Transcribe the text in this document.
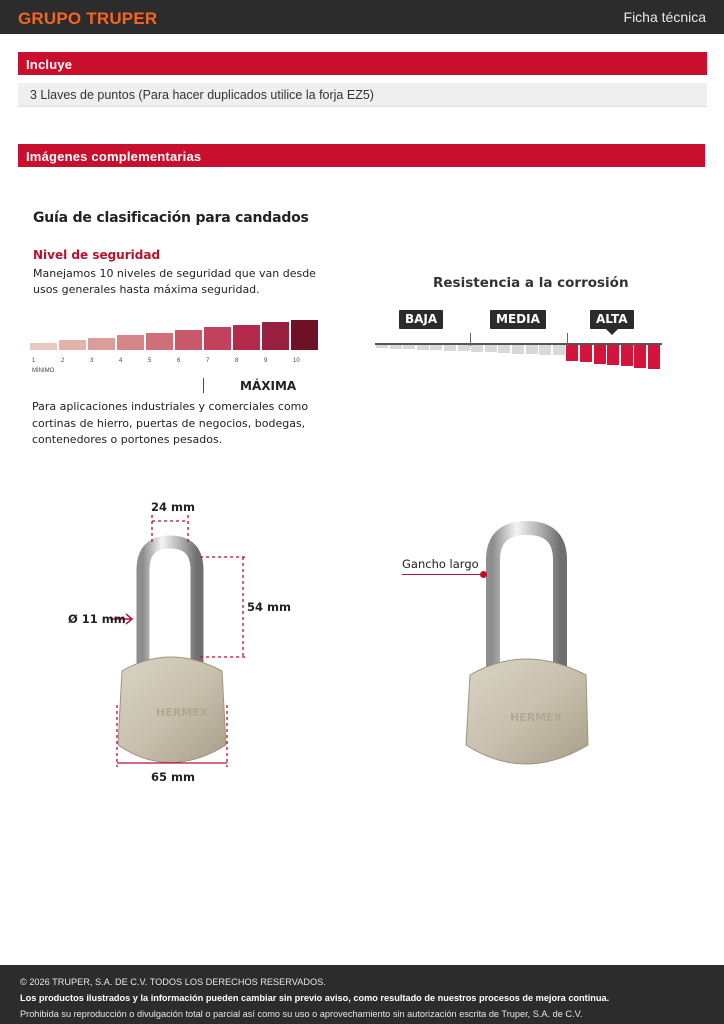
GRUPO TRUPER	Ficha técnica
Incluye
3 Llaves de puntos (Para hacer duplicados utilice la forja EZ5)
Imágenes complementarias
Guía de clasificación para candados
Nivel de seguridad
Manejamos 10 niveles de seguridad que van desde usos generales hasta máxima seguridad.
MÍNIMO
1	2	3	4	5	6	7	8	9	10
MÁXIMA
Para aplicaciones industriales y comerciales como cortinas de hierro, puertas de negocios, bodegas, contenedores o portones pesados.
Resistencia a la corrosión
BAJA	MEDIA	ALTA
HERMEX
24 mm
Ø 11 mm
54 mm
65 mm
HERMEX
Gancho largo
© 2026 TRUPER, S.A. DE C.V. TODOS LOS DERECHOS RESERVADOS.
Los productos ilustrados y la información pueden cambiar sin previo aviso, como resultado de nuestros procesos de mejora continua.
Prohibida su reproducción o divulgación total o parcial así como su uso o aprovechamiento sin autorización escrita de Truper, S.A. de C.V.
